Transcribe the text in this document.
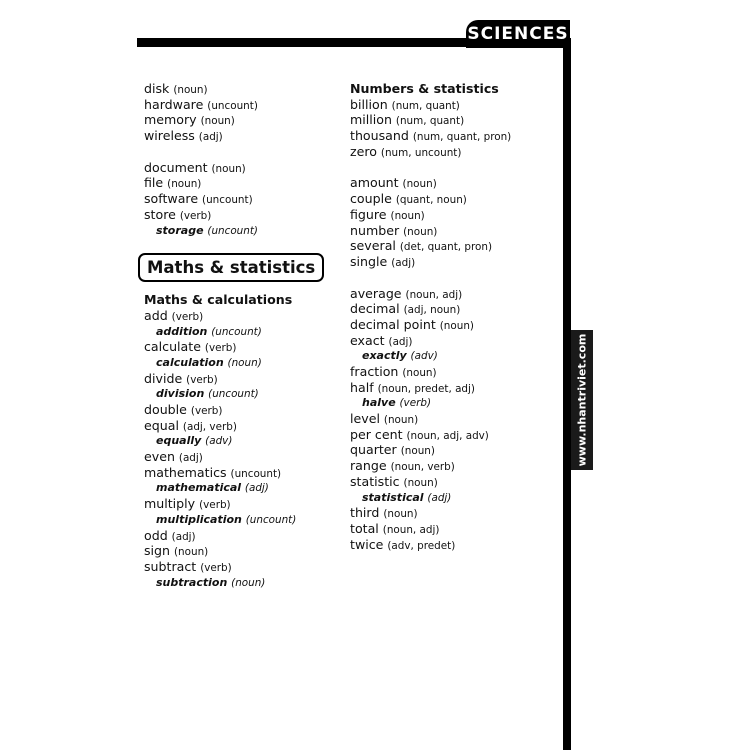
SCIENCES
www.nhantriviet.com
disk (noun)
hardware (uncount)
memory (noun)
wireless (adj)
document (noun)
file (noun)
software (uncount)
store (verb)
storage (uncount)
Maths & statistics
Maths & calculations
add (verb)
addition (uncount)
calculate (verb)
calculation (noun)
divide (verb)
division (uncount)
double (verb)
equal (adj, verb)
equally (adv)
even (adj)
mathematics (uncount)
mathematical (adj)
multiply (verb)
multiplication (uncount)
odd (adj)
sign (noun)
subtract (verb)
subtraction (noun)
Numbers & statistics
billion (num, quant)
million (num, quant)
thousand (num, quant, pron)
zero (num, uncount)
amount (noun)
couple (quant, noun)
figure (noun)
number (noun)
several (det, quant, pron)
single (adj)
average (noun, adj)
decimal (adj, noun)
decimal point (noun)
exact (adj)
exactly (adv)
fraction (noun)
half (noun, predet, adj)
halve (verb)
level (noun)
per cent (noun, adj, adv)
quarter (noun)
range (noun, verb)
statistic (noun)
statistical (adj)
third (noun)
total (noun, adj)
twice (adv, predet)
